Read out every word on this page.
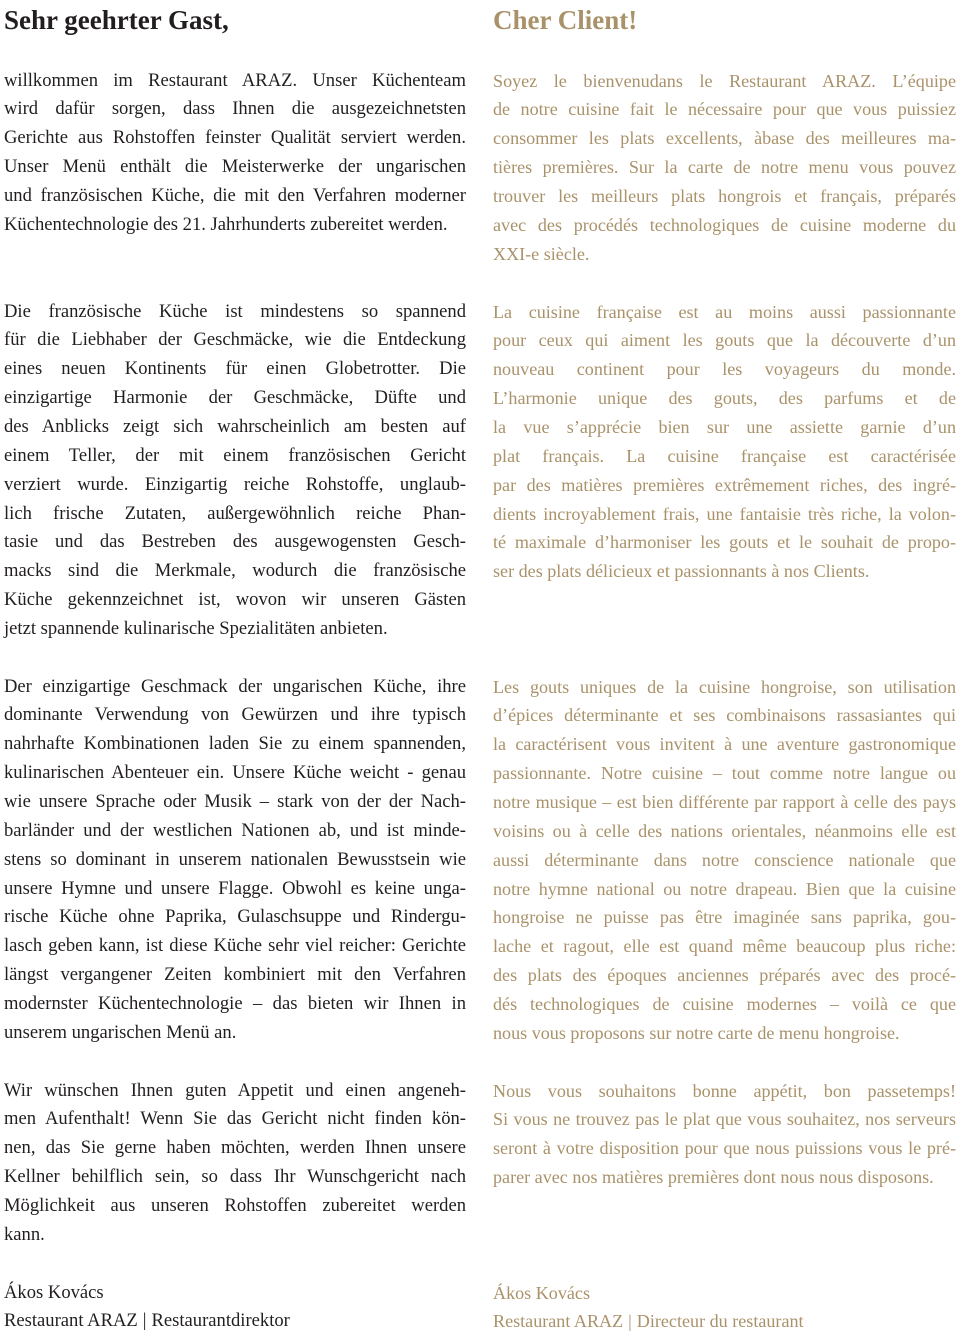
Sehr geehrter Gast,
willkommen im Restaurant ARAZ. Unser Küchenteam
wird dafür sorgen, dass Ihnen die ausgezeichnetsten
Gerichte aus Rohstoffen feinster Qualität serviert werden.
Unser Menü enthält die Meisterwerke der ungarischen
und französischen Küche, die mit den Verfahren moderner
Küchentechnologie des 21. Jahrhunderts zubereitet werden.
Die französische Küche ist mindestens so spannend
für die Liebhaber der Geschmäcke, wie die Entdeckung
eines neuen Kontinents für einen Globetrotter. Die
einzigartige Harmonie der Geschmäcke, Düfte und
des Anblicks zeigt sich wahrscheinlich am besten auf
einem Teller, der mit einem französischen Gericht
verziert wurde. Einzigartig reiche Rohstoffe, unglaub-
lich frische Zutaten, außergewöhnlich reiche Phan-
tasie und das Bestreben des ausgewogensten Gesch-
macks sind die Merkmale, wodurch die französische
Küche gekennzeichnet ist, wovon wir unseren Gästen
jetzt spannende kulinarische Spezialitäten anbieten.
Der einzigartige Geschmack der ungarischen Küche, ihre
dominante Verwendung von Gewürzen und ihre typisch
nahrhafte Kombinationen laden Sie zu einem spannenden,
kulinarischen Abenteuer ein. Unsere Küche weicht - genau
wie unsere Sprache oder Musik – stark von der der Nach-
barländer und der westlichen Nationen ab, und ist minde-
stens so dominant in unserem nationalen Bewusstsein wie
unsere Hymne und unsere Flagge. Obwohl es keine unga-
rische Küche ohne Paprika, Gulaschsuppe und Rindergu-
lasch geben kann, ist diese Küche sehr viel reicher: Gerichte
längst vergangener Zeiten kombiniert mit den Verfahren
modernster Küchentechnologie – das bieten wir Ihnen in
unserem ungarischen Menü an.
Wir wünschen Ihnen guten Appetit und einen angeneh-
men Aufenthalt! Wenn Sie das Gericht nicht finden kön-
nen, das Sie gerne haben möchten, werden Ihnen unsere
Kellner behilflich sein, so dass Ihr Wunschgericht nach
Möglichkeit aus unseren Rohstoffen zubereitet werden
kann.
Ákos Kovács
Restaurant ARAZ | Restaurantdirektor
Cher Client!
Soyez le bienvenudans le Restaurant ARAZ. L’équipe
de notre cuisine fait le nécessaire pour que vous puissiez
consommer les plats excellents, àbase des meilleures ma-
tières premières. Sur la carte de notre menu vous pouvez
trouver les meilleurs plats hongrois et français, préparés
avec des procédés technologiques de cuisine moderne du
XXI-e siècle.
La cuisine française est au moins aussi passionnante
pour ceux qui aiment les gouts que la découverte d’un
nouveau continent pour les voyageurs du monde.
L’harmonie unique des gouts, des parfums et de
la vue s’apprécie bien sur une assiette garnie d’un
plat français. La cuisine française est caractérisée
par des matières premières extrêmement riches, des ingré-
dients incroyablement frais, une fantaisie très riche, la volon-
té maximale d’harmoniser les gouts et le souhait de propo-
ser des plats délicieux et passionnants à nos Clients.
Les gouts uniques de la cuisine hongroise, son utilisation
d’épices déterminante et ses combinaisons rassasiantes qui
la caractérisent vous invitent à une aventure gastronomique
passionnante. Notre cuisine – tout comme notre langue ou
notre musique – est bien différente par rapport à celle des pays
voisins ou à celle des nations orientales, néanmoins elle est
aussi déterminante dans notre conscience nationale que
notre hymne national ou notre drapeau. Bien que la cuisine
hongroise ne puisse pas être imaginée sans paprika, gou-
lache et ragout, elle est quand même beaucoup plus riche:
des plats des époques anciennes préparés avec des procé-
dés technologiques de cuisine modernes – voilà ce que
nous vous proposons sur notre carte de menu hongroise.
Nous vous souhaitons bonne appétit, bon passetemps!
Si vous ne trouvez pas le plat que vous souhaitez, nos serveurs
seront à votre disposition pour que nous puissions vous le pré-
parer avec nos matières premières dont nous nous disposons.
Ákos Kovács
Restaurant ARAZ | Directeur du restaurant
